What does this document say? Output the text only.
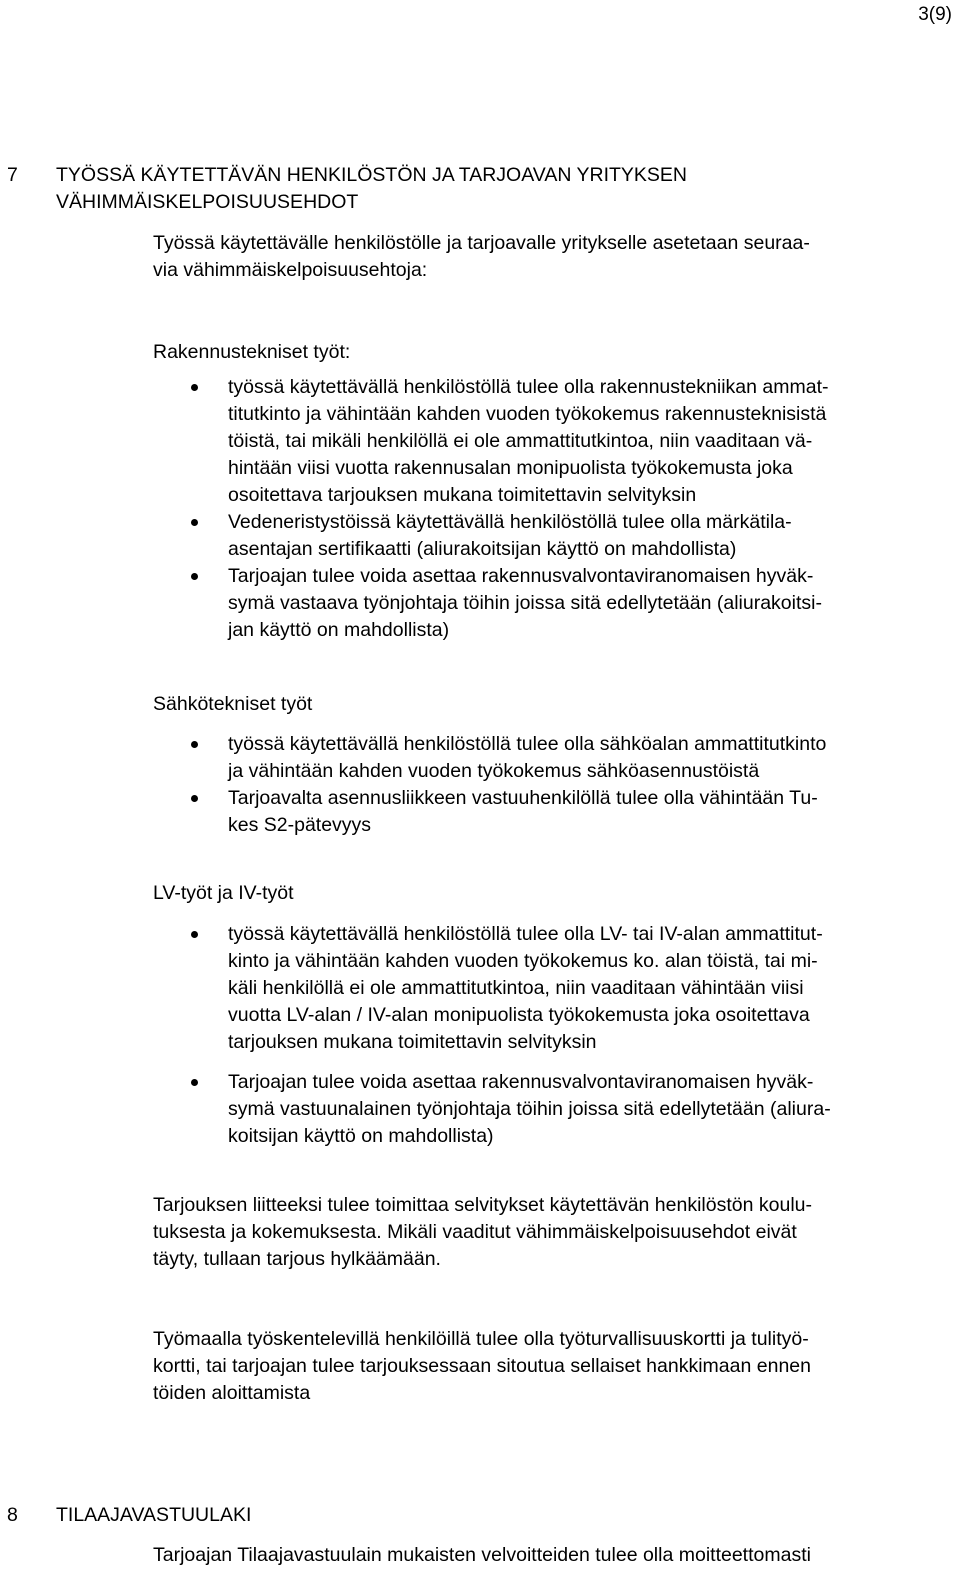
3(9)
7 TYÖSSÄ KÄYTETTÄVÄN HENKILÖSTÖN JA TARJOAVAN YRITYKSEN
VÄHIMMÄISKELPOISUUSEHDOT
Työssä käytettävälle henkilöstölle ja tarjoavalle yritykselle asetetaan seuraa-
via vähimmäiskelpoisuusehtoja:
Rakennustekniset työt:
työssä käytettävällä henkilöstöllä tulee olla rakennustekniikan ammat-
titutkinto ja vähintään kahden vuoden työkokemus rakennusteknisistä
töistä, tai mikäli henkilöllä ei ole ammattitutkintoa, niin vaaditaan vä-
hintään viisi vuotta rakennusalan monipuolista työkokemusta joka
osoitettava tarjouksen mukana toimitettavin selvityksin
Vedeneristystöissä käytettävällä henkilöstöllä tulee olla märkätila-
asentajan sertifikaatti (aliurakoitsijan käyttö on mahdollista)
Tarjoajan tulee voida asettaa rakennusvalvontaviranomaisen hyväk-
symä vastaava työnjohtaja töihin joissa sitä edellytetään (aliurakoitsi-
jan käyttö on mahdollista)
Sähkötekniset työt
työssä käytettävällä henkilöstöllä tulee olla sähköalan ammattitutkinto
ja vähintään kahden vuoden työkokemus sähköasennustöistä
Tarjoavalta asennusliikkeen vastuuhenkilöllä tulee olla vähintään Tu-
kes S2-pätevyys
LV-työt ja IV-työt
työssä käytettävällä henkilöstöllä tulee olla LV- tai IV-alan ammattitut-
kinto ja vähintään kahden vuoden työkokemus ko. alan töistä, tai mi-
käli henkilöllä ei ole ammattitutkintoa, niin vaaditaan vähintään viisi
vuotta LV-alan / IV-alan monipuolista työkokemusta joka osoitettava
tarjouksen mukana toimitettavin selvityksin
Tarjoajan tulee voida asettaa rakennusvalvontaviranomaisen hyväk-
symä vastuunalainen työnjohtaja töihin joissa sitä edellytetään (aliura-
koitsijan käyttö on mahdollista)
Tarjouksen liitteeksi tulee toimittaa selvitykset käytettävän henkilöstön koulu-
tuksesta ja kokemuksesta. Mikäli vaaditut vähimmäiskelpoisuusehdot eivät
täyty, tullaan tarjous hylkäämään.
Työmaalla työskentelevillä henkilöillä tulee olla työturvallisuuskortti ja tulityö-
kortti, tai tarjoajan tulee tarjouksessaan sitoutua sellaiset hankkimaan ennen
töiden aloittamista
8 TILAAJAVASTUULAKI
Tarjoajan Tilaajavastuulain mukaisten velvoitteiden tulee olla moitteettomasti
